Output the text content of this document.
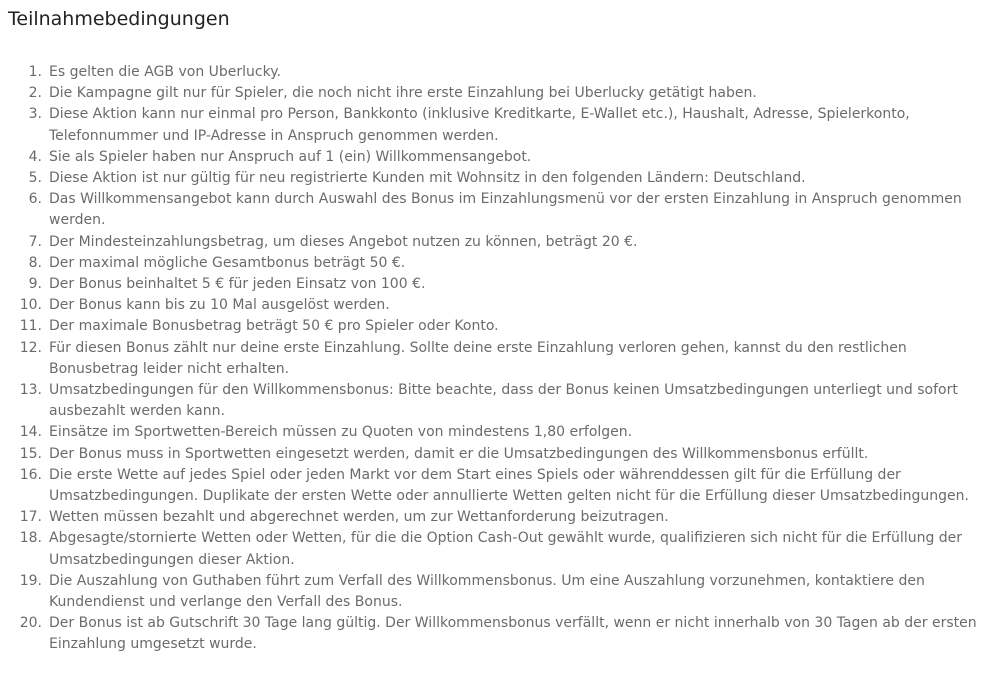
Teilnahmebedingungen
1. Es gelten die AGB von Uberlucky.
2. Die Kampagne gilt nur für Spieler, die noch nicht ihre erste Einzahlung bei Uberlucky getätigt haben.
3. Diese Aktion kann nur einmal pro Person, Bankkonto (inklusive Kreditkarte, E-Wallet etc.), Haushalt, Adresse, Spielerkonto, Telefonnummer und IP-Adresse in Anspruch genommen werden.
4. Sie als Spieler haben nur Anspruch auf 1 (ein) Willkommensangebot.
5. Diese Aktion ist nur gültig für neu registrierte Kunden mit Wohnsitz in den folgenden Ländern: Deutschland.
6. Das Willkommensangebot kann durch Auswahl des Bonus im Einzahlungsmenü vor der ersten Einzahlung in Anspruch genommen werden.
7. Der Mindesteinzahlungsbetrag, um dieses Angebot nutzen zu können, beträgt 20 €.
8. Der maximal mögliche Gesamtbonus beträgt 50 €.
9. Der Bonus beinhaltet 5 € für jeden Einsatz von 100 €.
10. Der Bonus kann bis zu 10 Mal ausgelöst werden.
11. Der maximale Bonusbetrag beträgt 50 € pro Spieler oder Konto.
12. Für diesen Bonus zählt nur deine erste Einzahlung. Sollte deine erste Einzahlung verloren gehen, kannst du den restlichen Bonusbetrag leider nicht erhalten.
13. Umsatzbedingungen für den Willkommensbonus: Bitte beachte, dass der Bonus keinen Umsatzbedingungen unterliegt und sofort ausbezahlt werden kann.
14. Einsätze im Sportwetten-Bereich müssen zu Quoten von mindestens 1,80 erfolgen.
15. Der Bonus muss in Sportwetten eingesetzt werden, damit er die Umsatzbedingungen des Willkommensbonus erfüllt.
16. Die erste Wette auf jedes Spiel oder jeden Markt vor dem Start eines Spiels oder währenddessen gilt für die Erfüllung der Umsatzbedingungen. Duplikate der ersten Wette oder annullierte Wetten gelten nicht für die Erfüllung dieser Umsatzbedingungen.
17. Wetten müssen bezahlt und abgerechnet werden, um zur Wettanforderung beizutragen.
18. Abgesagte/stornierte Wetten oder Wetten, für die die Option Cash-Out gewählt wurde, qualifizieren sich nicht für die Erfüllung der Umsatzbedingungen dieser Aktion.
19. Die Auszahlung von Guthaben führt zum Verfall des Willkommensbonus. Um eine Auszahlung vorzunehmen, kontaktiere den Kundendienst und verlange den Verfall des Bonus.
20. Der Bonus ist ab Gutschrift 30 Tage lang gültig. Der Willkommensbonus verfällt, wenn er nicht innerhalb von 30 Tagen ab der ersten Einzahlung umgesetzt wurde.
